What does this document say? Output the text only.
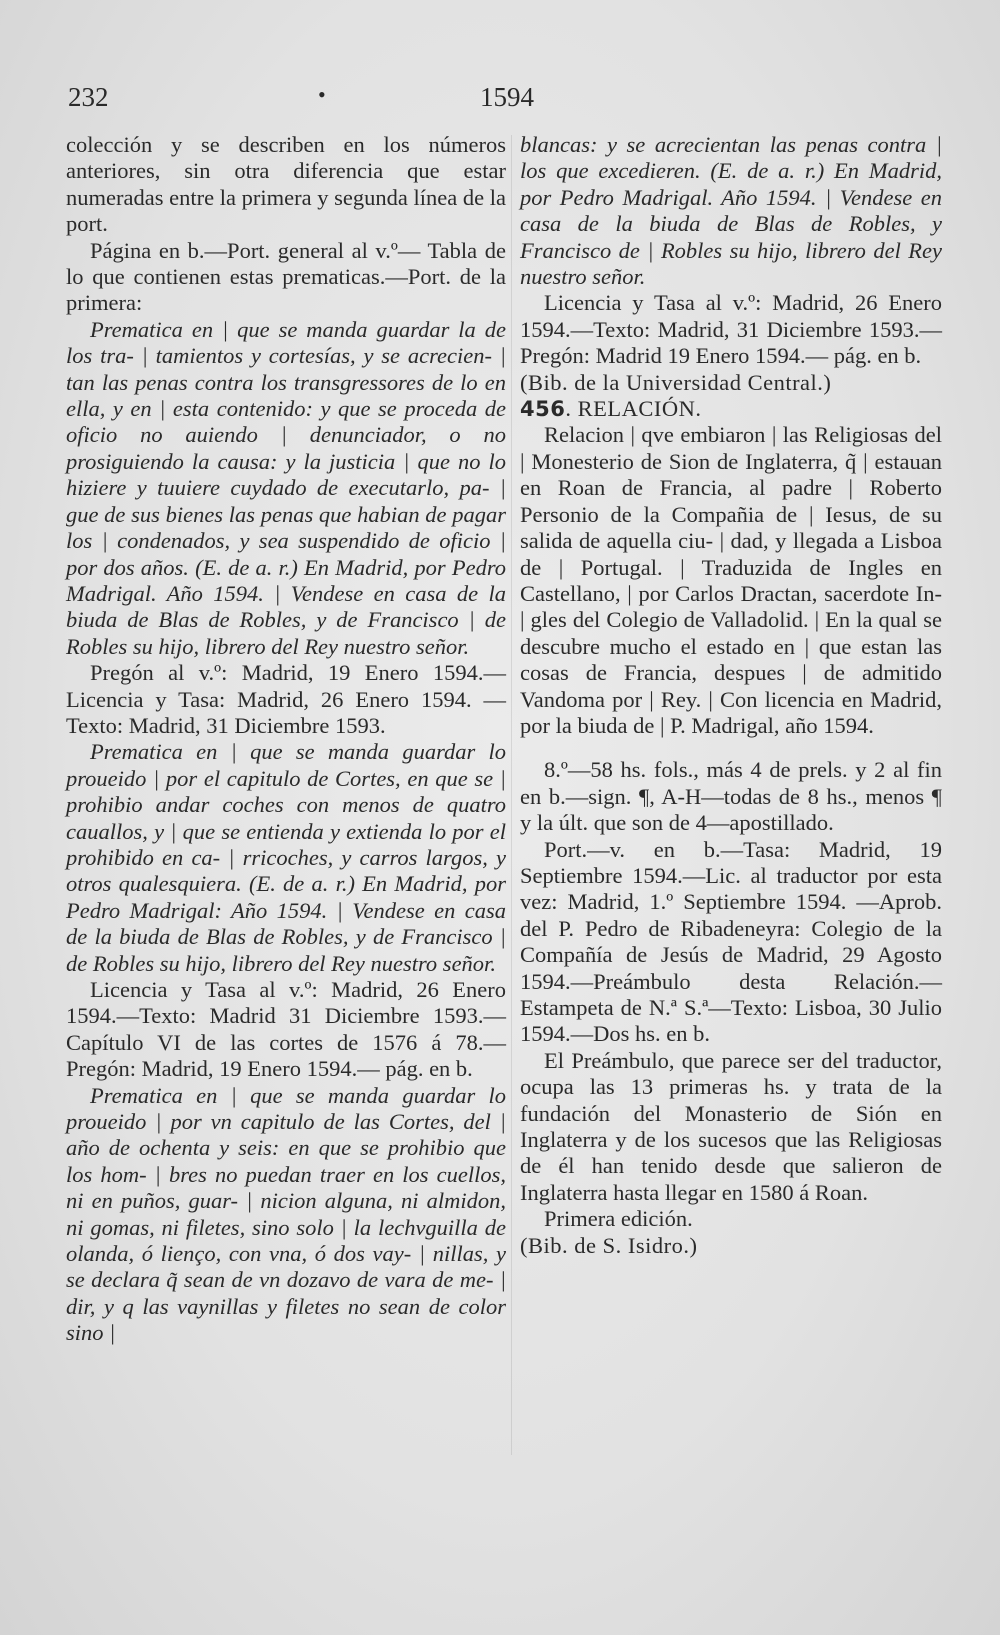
232	•	1594

colección y se describen en los números anteriores, sin otra diferencia que estar numeradas entre la primera y segunda línea de la port.

Página en b.—Port. general al v.º— Tabla de lo que contienen estas prematicas.—Port. de la primera:

Prematica en | que se manda guardar la de los tra- | tamientos y cortesías, y se acrecien- | tan las penas contra los transgressores de lo en ella, y en | esta contenido: y que se proceda de oficio no auiendo | denunciador, o no prosiguiendo la causa: y la justicia | que no lo hiziere y tuuiere cuydado de executarlo, pa- | gue de sus bienes las penas que habian de pagar los | condenados, y sea suspendido de oficio | por dos años. (E. de a. r.) En Madrid, por Pedro Madrigal. Año 1594. | Vendese en casa de la biuda de Blas de Robles, y de Francisco | de Robles su hijo, librero del Rey nuestro señor.

Pregón al v.º: Madrid, 19 Enero 1594.— Licencia y Tasa: Madrid, 26 Enero 1594. —Texto: Madrid, 31 Diciembre 1593.

Prematica en | que se manda guardar lo proueido | por el capitulo de Cortes, en que se | prohibio andar coches con menos de quatro cauallos, y | que se entienda y extienda lo por el prohibido en ca- | rricoches, y carros largos, y otros qualesquiera. (E. de a. r.) En Madrid, por Pedro Madrigal: Año 1594. | Vendese en casa de la biuda de Blas de Robles, y de Francisco | de Robles su hijo, librero del Rey nuestro señor.

Licencia y Tasa al v.º: Madrid, 26 Enero 1594.—Texto: Madrid 31 Diciembre 1593.—Capítulo VI de las cortes de 1576 á 78.—Pregón: Madrid, 19 Enero 1594.— pág. en b.

Prematica en | que se manda guardar lo proueido | por vn capitulo de las Cortes, del | año de ochenta y seis: en que se prohibio que los hom- | bres no puedan traer en los cuellos, ni en puños, guar- | nicion alguna, ni almidon, ni gomas, ni filetes, sino solo | la lechvguilla de olanda, ó lienço, con vna, ó dos vay- | nillas, y se declara q̃ sean de vn dozavo de vara de me- | dir, y q las vaynillas y filetes no sean de color sino |

blancas: y se acrecientan las penas contra | los que excedieren. (E. de a. r.) En Madrid, por Pedro Madrigal. Año 1594. | Vendese en casa de la biuda de Blas de Robles, y Francisco de | Robles su hijo, librero del Rey nuestro señor.

Licencia y Tasa al v.º: Madrid, 26 Enero 1594.—Texto: Madrid, 31 Diciembre 1593.—Pregón: Madrid 19 Enero 1594.— pág. en b.

(Bib. de la Universidad Central.)

456. RELACIÓN.

Relacion | qve embiaron | las Religiosas del | Monesterio de Sion de Inglaterra, q̃ | estauan en Roan de Francia, al padre | Roberto Personio de la Compañia de | Iesus, de su salida de aquella ciu- | dad, y llegada a Lisboa de | Portugal. | Traduzida de Ingles en Castellano, | por Carlos Dractan, sacerdote In- | gles del Colegio de Valladolid. | En la qual se descubre mucho el estado en | que estan las cosas de Francia, despues | de admitido Vandoma por | Rey. | Con licencia en Madrid, por la biuda de | P. Madrigal, año 1594.

8.º—58 hs. fols., más 4 de prels. y 2 al fin en b.—sign. ¶, A-H—todas de 8 hs., menos ¶ y la últ. que son de 4—apostillado.

Port.—v. en b.—Tasa: Madrid, 19 Septiembre 1594.—Lic. al traductor por esta vez: Madrid, 1.º Septiembre 1594. —Aprob. del P. Pedro de Ribadeneyra: Colegio de la Compañía de Jesús de Madrid, 29 Agosto 1594.—Preámbulo desta Relación.—Estampeta de N.ª S.ª—Texto: Lisboa, 30 Julio 1594.—Dos hs. en b.

El Preámbulo, que parece ser del traductor, ocupa las 13 primeras hs. y trata de la fundación del Monasterio de Sión en Inglaterra y de los sucesos que las Religiosas de él han tenido desde que salieron de Inglaterra hasta llegar en 1580 á Roan.

Primera edición.

(Bib. de S. Isidro.)
